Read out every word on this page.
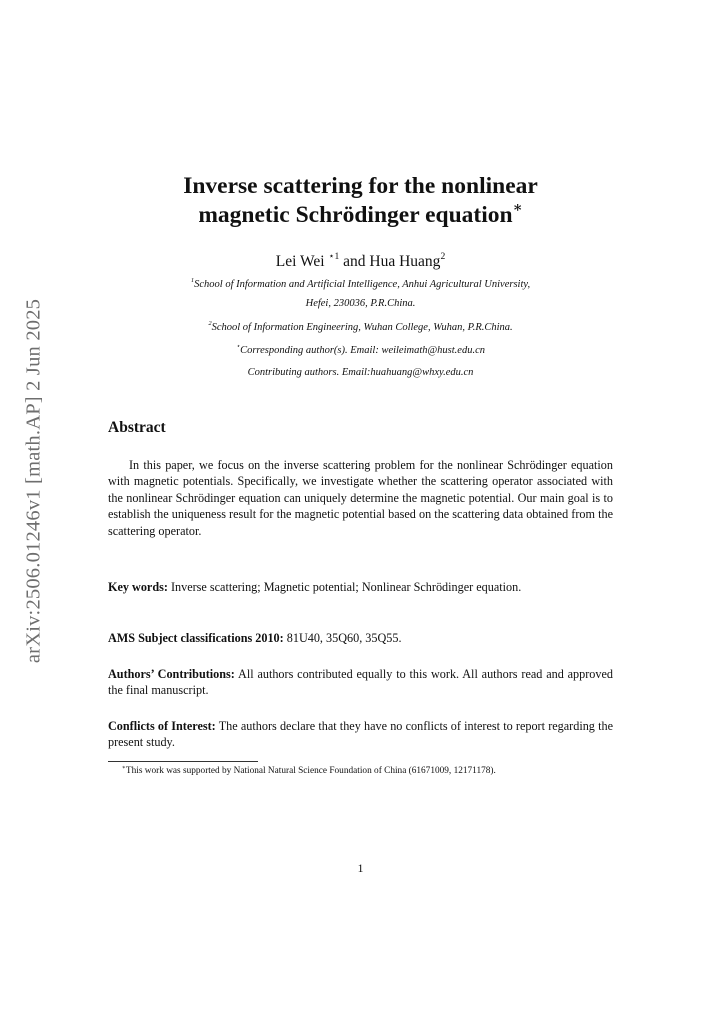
arXiv:2506.01246v1 [math.AP] 2 Jun 2025
Inverse scattering for the nonlinear
magnetic Schrödinger equation∗
Lei Wei $^{⋆1}$ and Hua Huang$^2$
$^1$School of Information and Artificial Intelligence, Anhui Agricultural University,
Hefei, 230036, P.R.China.
$^2$School of Information Engineering, Wuhan College, Wuhan, P.R.China.
⋆Corresponding author(s). Email: weileimath@hust.edu.cn
Contributing authors. Email:huahuang@whxy.edu.cn
Abstract
In this paper, we focus on the inverse scattering problem for the nonlinear Schrödinger equation with magnetic potentials. Specifically, we investigate whether the scattering operator associated with the nonlinear Schrödinger equation can uniquely determine the magnetic potential. Our main goal is to establish the uniqueness result for the magnetic potential based on the scattering data obtained from the scattering operator.
Key words: Inverse scattering; Magnetic potential; Nonlinear Schrödinger equation.
AMS Subject classifications 2010: 81U40, 35Q60, 35Q55.
Authors’ Contributions: All authors contributed equally to this work. All authors read and approved the final manuscript.
Conflicts of Interest: The authors declare that they have no conflicts of interest to report regarding the present study.
∗This work was supported by National Natural Science Foundation of China (61671009, 12171178).
1
